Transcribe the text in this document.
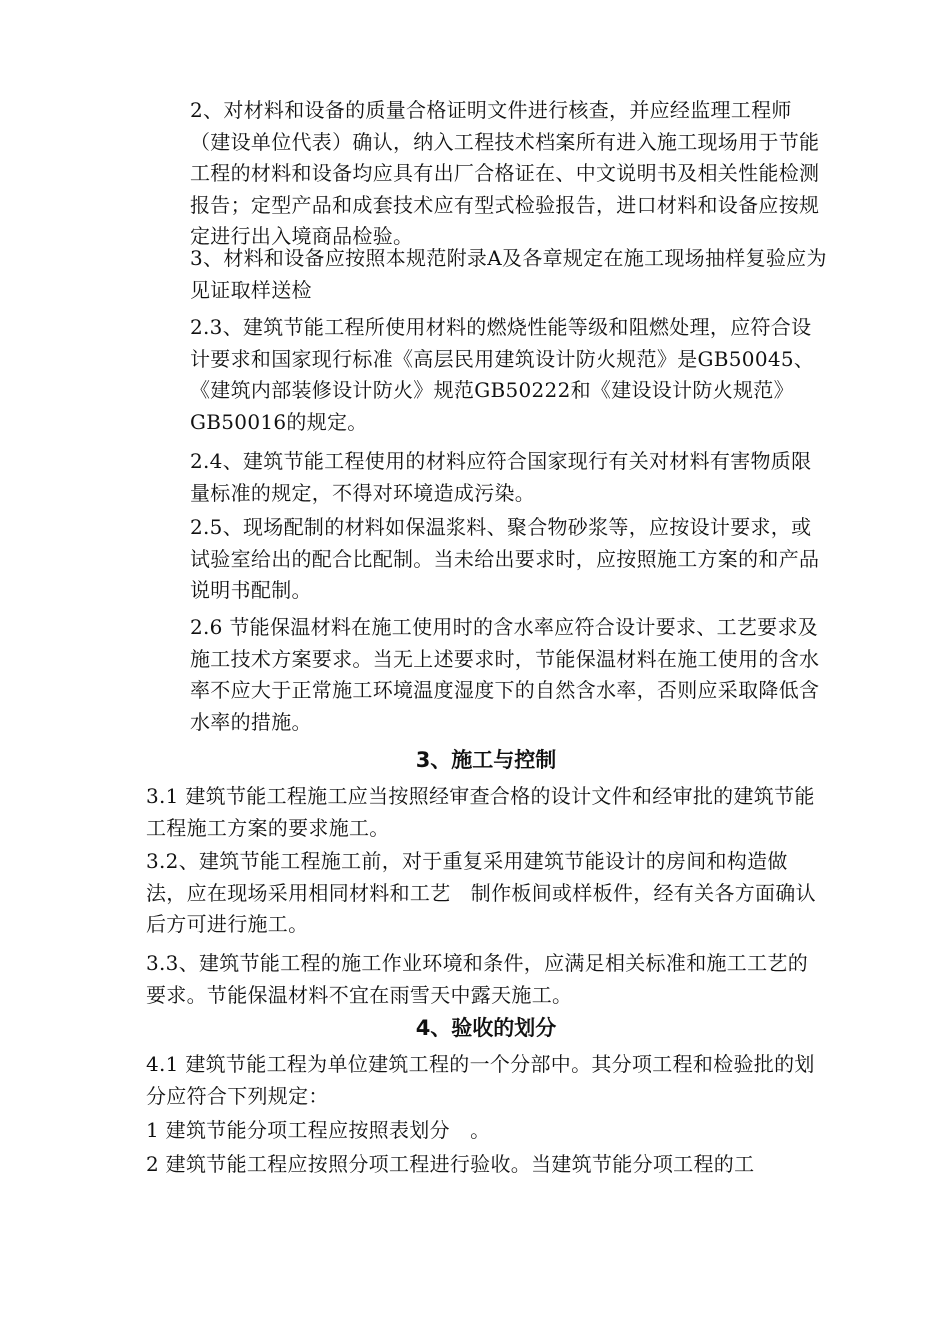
2、对材料和设备的质量合格证明文件进行核查，并应经监理工程师（建设单位代表）确认，纳入工程技术档案所有进入施工现场用于节能工程的材料和设备均应具有出厂合格证在、中文说明书及相关性能检测报告；定型产品和成套技术应有型式检验报告，进口材料和设备应按规定进行出入境商品检验。

3、材料和设备应按照本规范附录A及各章规定在施工现场抽样复验应为见证取样送检

2.3、建筑节能工程所使用材料的燃烧性能等级和阻燃处理，应符合设计要求和国家现行标准《高层民用建筑设计防火规范》是GB50045、《建筑内部装修设计防火》规范GB50222和《建设设计防火规范》GB50016的规定。

2.4、建筑节能工程使用的材料应符合国家现行有关对材料有害物质限量标准的规定，不得对环境造成污染。

2.5、现场配制的材料如保温浆料、聚合物砂浆等，应按设计要求，或试验室给出的配合比配制。当未给出要求时，应按照施工方案的和产品说明书配制。

2.6 节能保温材料在施工使用时的含水率应符合设计要求、工艺要求及施工技术方案要求。当无上述要求时，节能保温材料在施工使用的含水率不应大于正常施工环境温度湿度下的自然含水率，否则应采取降低含水率的措施。

3、施工与控制

3.1 建筑节能工程施工应当按照经审查合格的设计文件和经审批的建筑节能工程施工方案的要求施工。

3.2、建筑节能工程施工前，对于重复采用建筑节能设计的房间和构造做法，应在现场采用相同材料和工艺　制作板间或样板件，经有关各方面确认后方可进行施工。

3.3、建筑节能工程的施工作业环境和条件，应满足相关标准和施工工艺的要求。节能保温材料不宜在雨雪天中露天施工。

4、验收的划分

4.1 建筑节能工程为单位建筑工程的一个分部中。其分项工程和检验批的划分应符合下列规定：

1 建筑节能分项工程应按照表划分　。

2 建筑节能工程应按照分项工程进行验收。当建筑节能分项工程的工
